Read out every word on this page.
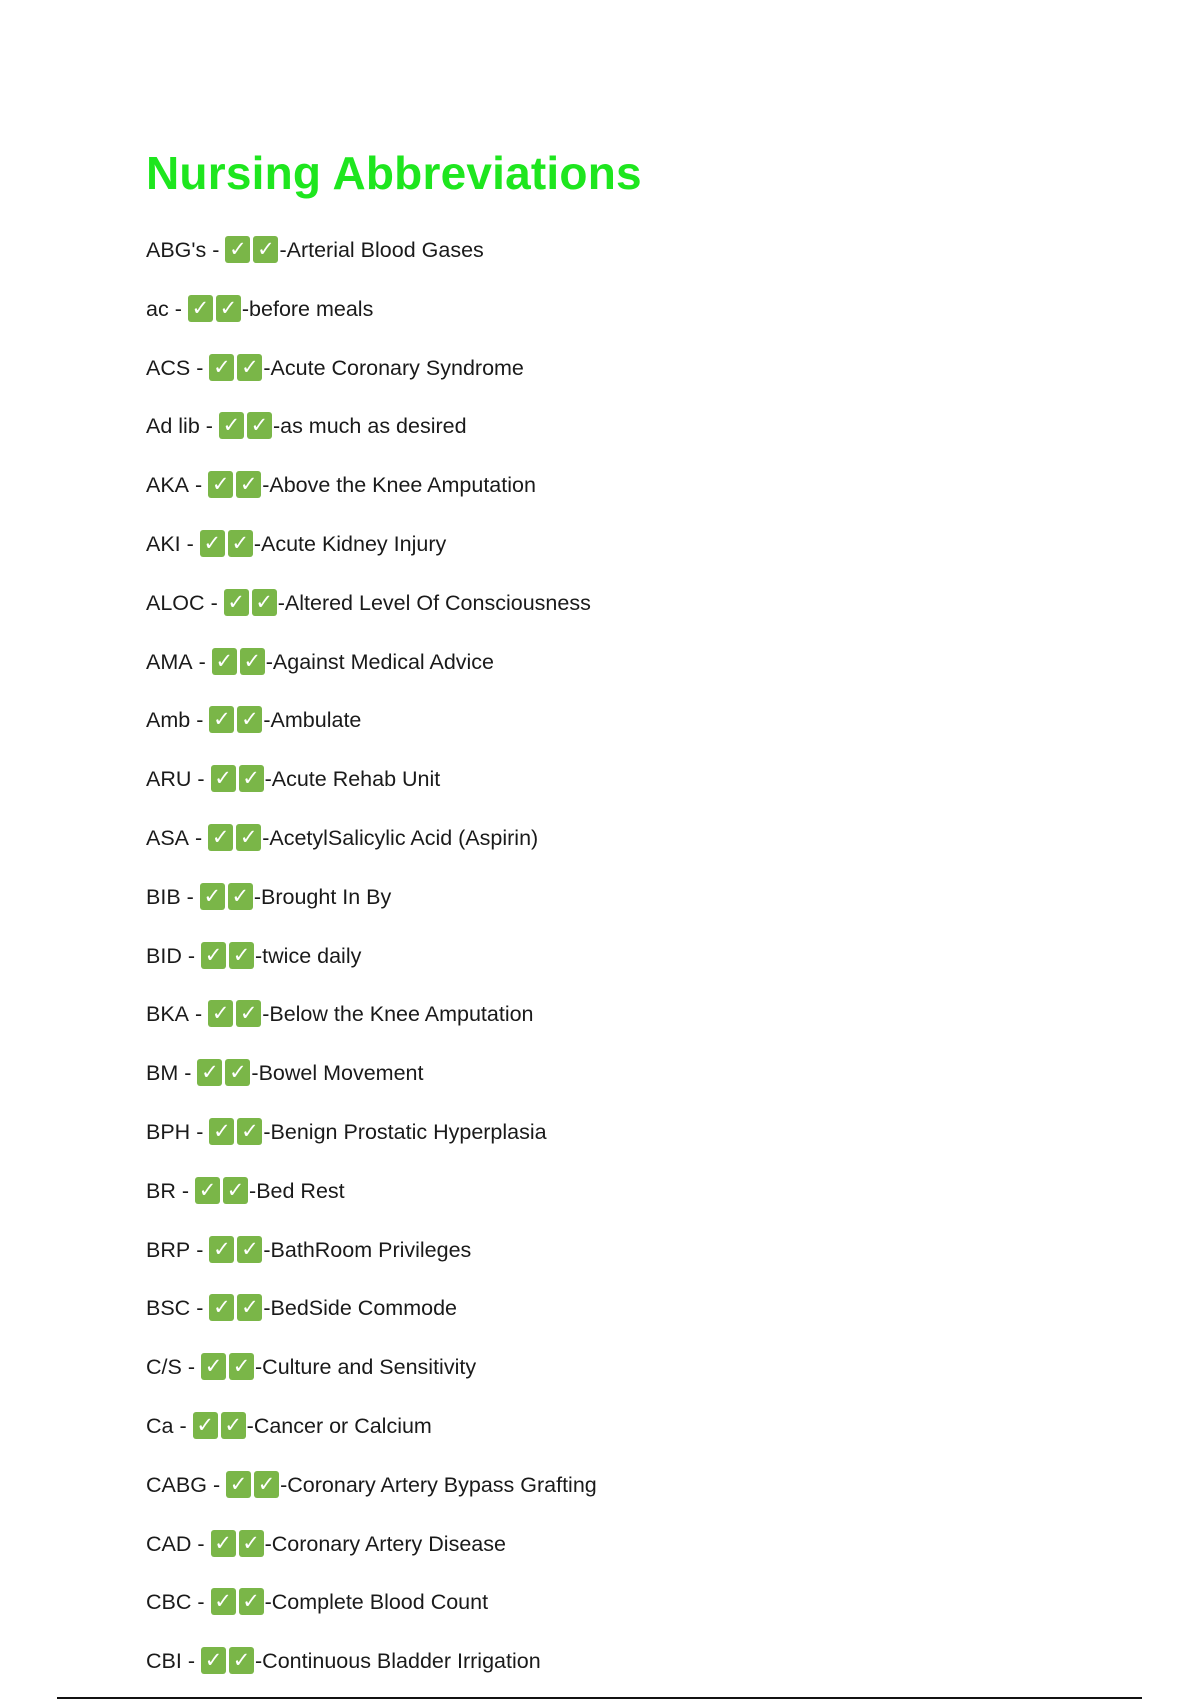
Nursing Abbreviations
ABG's - ✓ ✓ -Arterial Blood Gases
ac - ✓ ✓ -before meals
ACS - ✓ ✓ -Acute Coronary Syndrome
Ad lib - ✓ ✓ -as much as desired
AKA - ✓ ✓ -Above the Knee Amputation
AKI - ✓ ✓ -Acute Kidney Injury
ALOC - ✓ ✓ -Altered Level Of Consciousness
AMA - ✓ ✓ -Against Medical Advice
Amb - ✓ ✓ -Ambulate
ARU - ✓ ✓ -Acute Rehab Unit
ASA - ✓ ✓ -AcetylSalicylic Acid (Aspirin)
BIB - ✓ ✓ -Brought In By
BID - ✓ ✓ -twice daily
BKA - ✓ ✓ -Below the Knee Amputation
BM - ✓ ✓ -Bowel Movement
BPH - ✓ ✓ -Benign Prostatic Hyperplasia
BR - ✓ ✓ -Bed Rest
BRP - ✓ ✓ -BathRoom Privileges
BSC - ✓ ✓ -BedSide Commode
C/S - ✓ ✓ -Culture and Sensitivity
Ca - ✓ ✓ -Cancer or Calcium
CABG - ✓ ✓ -Coronary Artery Bypass Grafting
CAD - ✓ ✓ -Coronary Artery Disease
CBC - ✓ ✓ -Complete Blood Count
CBI - ✓ ✓ -Continuous Bladder Irrigation
